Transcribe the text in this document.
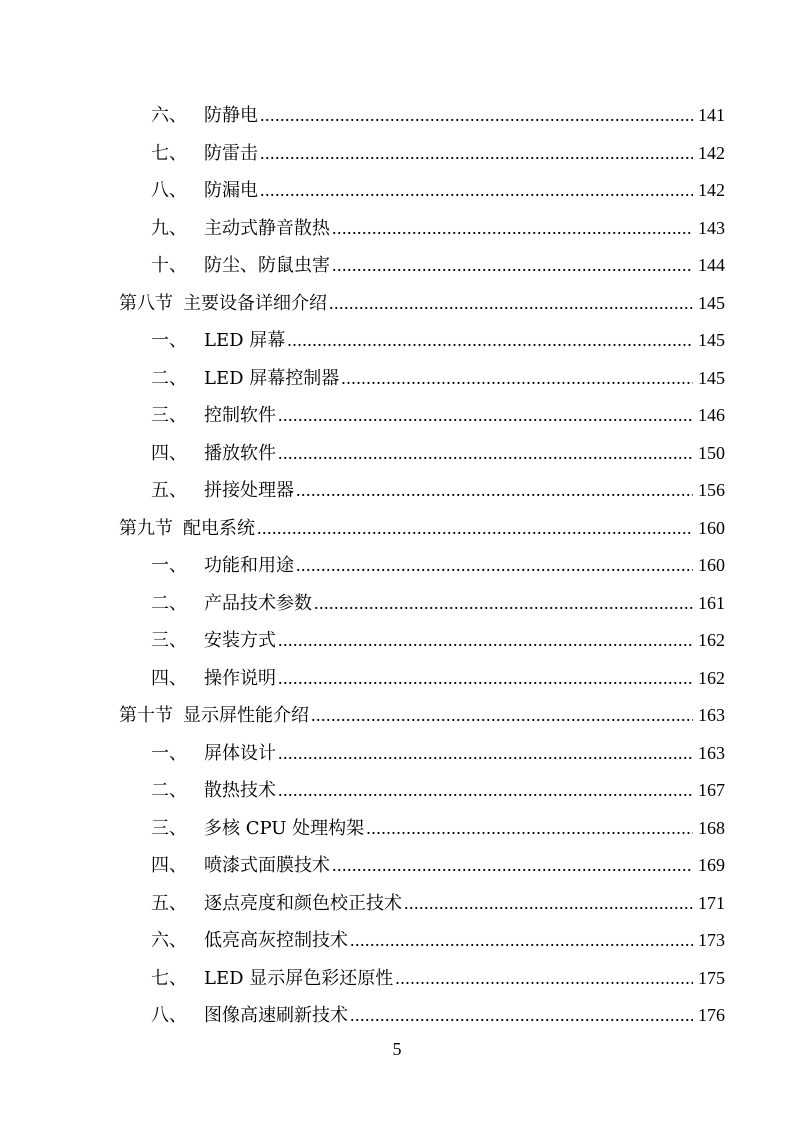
六、 防静电 .....	141
七、 防雷击 .....	142
八、 防漏电 .....	142
九、 主动式静音散热 .....	143
十、 防尘、防鼠虫害 .....	144
第八节 主要设备详细介绍 .....	145
一、 LED 屏幕 .....	145
二、 LED 屏幕控制器 .....	145
三、 控制软件 .....	146
四、 播放软件 .....	150
五、 拼接处理器 .....	156
第九节 配电系统 .....	160
一、 功能和用途 .....	160
二、 产品技术参数 .....	161
三、 安装方式 .....	162
四、 操作说明 .....	162
第十节 显示屏性能介绍 .....	163
一、 屏体设计 .....	163
二、 散热技术 .....	167
三、 多核 CPU 处理构架 .....	168
四、 喷漆式面膜技术 .....	169
五、 逐点亮度和颜色校正技术 .....	171
六、 低亮高灰控制技术 .....	173
七、 LED 显示屏色彩还原性 .....	175
八、 图像高速刷新技术 .....	176
5
